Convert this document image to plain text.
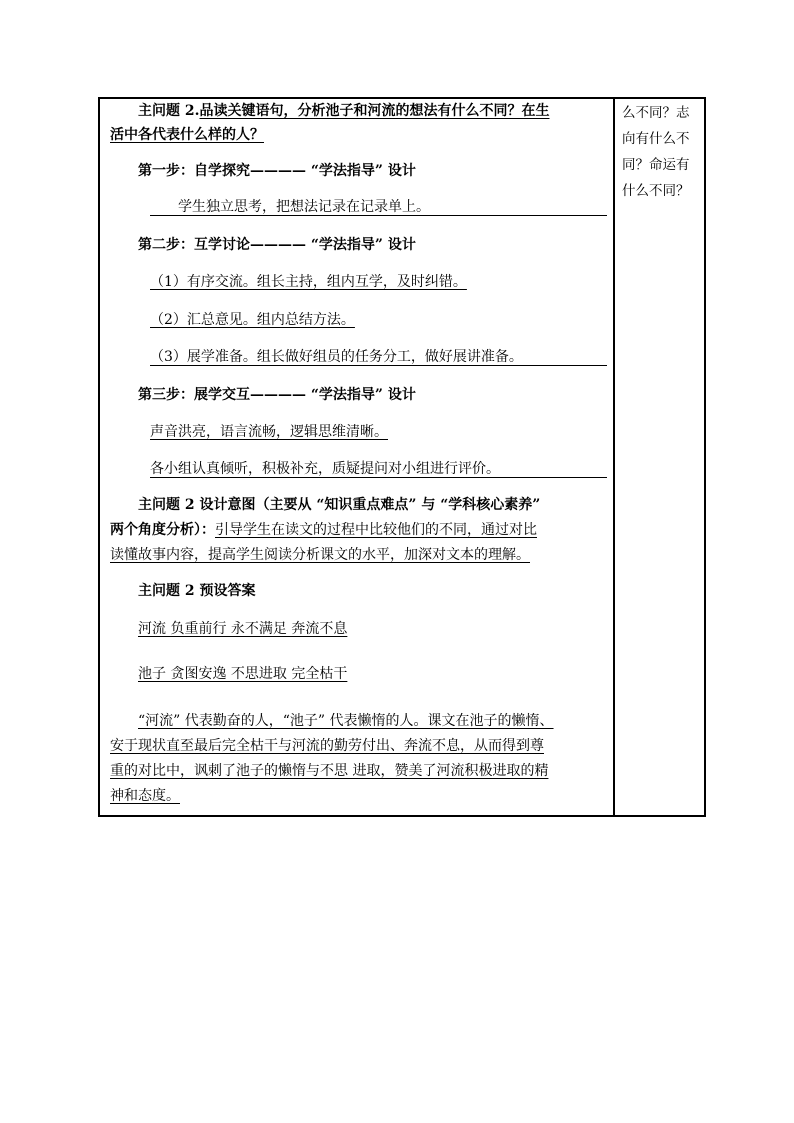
主问题 2.品读关键语句，分析池子和河流的想法有什么不同？在生
活中各代表什么样的人？
第一步：自学探究———— “学法指导” 设计
学生独立思考，把想法记录在记录单上。
第二步：互学讨论———— “学法指导” 设计
（1）有序交流。组长主持，组内互学，及时纠错。
（2）汇总意见。组内总结方法。
（3）展学准备。组长做好组员的任务分工，做好展讲准备。
第三步：展学交互———— “学法指导” 设计
声音洪亮，语言流畅，逻辑思维清晰。
各小组认真倾听，积极补充，质疑提问对小组进行评价。
主问题 2 设计意图（主要从 “知识重点难点” 与 “学科核心素养”
两个角度分析）：引导学生在读文的过程中比较他们的不同，通过对比
读懂故事内容，提高学生阅读分析课文的水平，加深对文本的理解。
主问题 2 预设答案
河流 负重前行 永不满足 奔流不息
池子 贪图安逸 不思进取 完全枯干
“河流” 代表勤奋的人，“池子” 代表懒惰的人。课文在池子的懒惰、
安于现状直至最后完全枯干与河流的勤劳付出、奔流不息，从而得到尊
重的对比中，讽刺了池子的懒惰与不思 进取，赞美了河流积极进取的精
神和态度。
么不同？志
向有什么不
同？命运有
什么不同？
